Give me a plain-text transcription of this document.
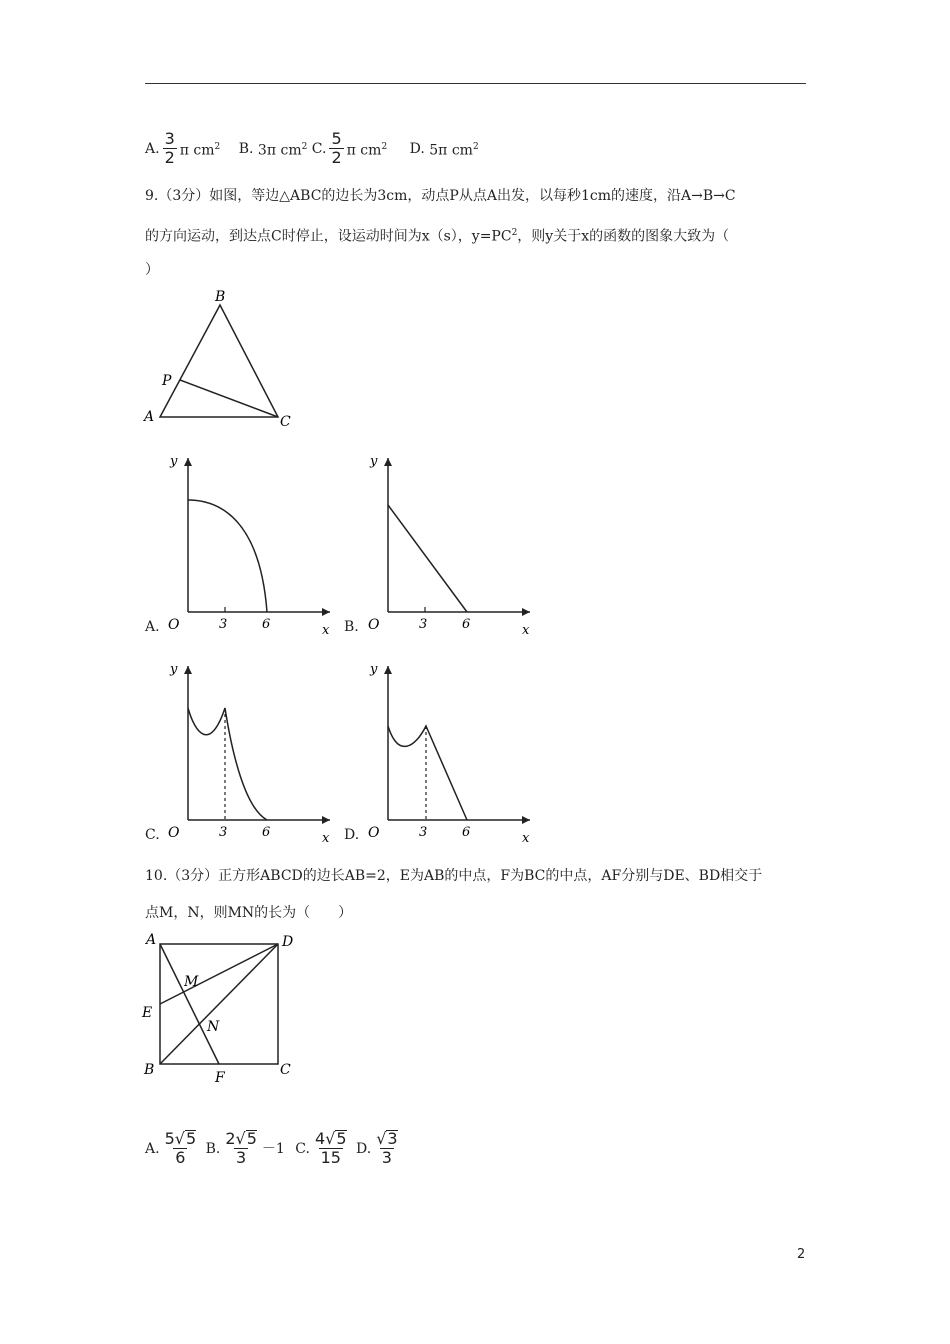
A. $\frac{3}{2}$ π $cm^2$
B.
3π $cm^2$
C. $\frac{5}{2}$ π $cm^2$
D.
5π $cm^2$
9.（3分）如图，等边△ABC的边长为3cm，动点P从点A出发，以每秒1cm的速度，沿A→B→C
的方向运动，到达点C时停止，设运动时间为x（s），$y=PC^2$，则y关于x的函数的图象大致为（
）
B
P
A	C
A.
y
x
O	3	6	B.
y
x
O	3	6
C.
y
x
O	3	6	D.
y
x
O	3	6
10.（3分）正方形ABCD的边长AB=2，E为AB的中点，F为BC的中点，AF分别与DE、BD相交于
点M，N，则MN的长为（　　）
A	D
E
B	C
F
M
N
A. $\frac{5√5}{6}$
B. $\frac{2√5}{3} -1$
C. $\frac{4√5}{15}$
D. $\frac{√3}{3}$
2
